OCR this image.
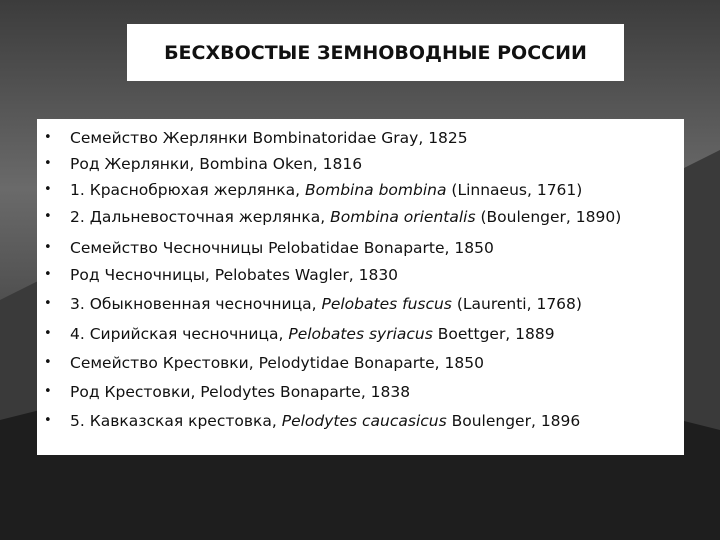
БЕСХВОСТЫЕ ЗЕМНОВОДНЫЕ РОССИИ
•	Семейство Жерлянки Bombinatoridae Gray, 1825
•	Род Жерлянки, Bombina Oken, 1816
•	1. Краснобрюхая жерлянка, Bombina bombina (Linnaeus, 1761)
•	2. Дальневосточная жерлянка, Bombina orientalis (Boulenger, 1890)
•	Семейство Чесночницы Pelobatidae Bonaparte, 1850
•	Род Чесночницы, Pelobates Wagler, 1830
•	3. Обыкновенная чесночница, Pelobates fuscus (Laurenti, 1768)
•	4. Сирийская чесночница, Pelobates syriacus Boettger, 1889
•	Семейство Крестовки, Pelodytidae Bonaparte, 1850
•	Род Крестовки, Pelodytes Bonaparte, 1838
•	5. Кавказская крестовка, Pelodytes caucasicus Boulenger, 1896
